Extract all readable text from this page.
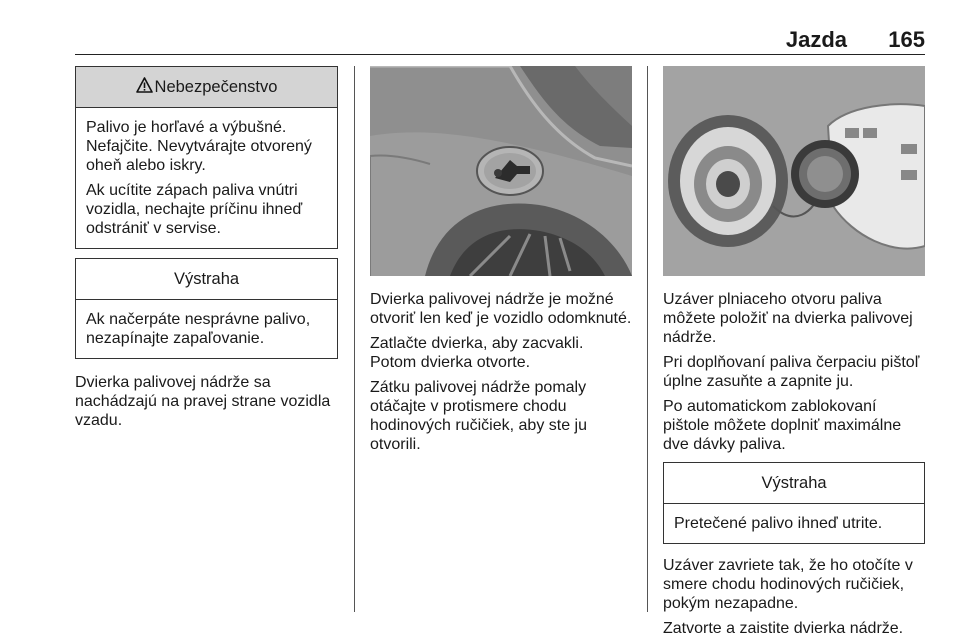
Jazda 165
Nebezpečenstvo

Palivo je horľavé a výbušné. Nefajčite. Nevytvárajte otvorený oheň alebo iskry.

Ak ucítite zápach paliva vnútri vozidla, nechajte príčinu ihneď odstrániť v servise.

Výstraha

Ak načerpáte nesprávne palivo, nezapínajte zapaľovanie.

Dvierka palivovej nádrže sa nachádzajú na pravej strane vozidla vzadu.

Dvierka palivovej nádrže je možné otvoriť len keď je vozidlo odomknuté.

Zatlačte dvierka, aby zacvakli. Potom dvierka otvorte.

Zátku palivovej nádrže pomaly otáčajte v protismere chodu hodinových ručičiek, aby ste ju otvorili.

Uzáver plniaceho otvoru paliva môžete položiť na dvierka palivovej nádrže.

Pri doplňovaní paliva čerpaciu pištoľ úplne zasuňte a zapnite ju.

Po automatickom zablokovaní pištole môžete doplniť maximálne dve dávky paliva.

Výstraha

Pretečené palivo ihneď utrite.

Uzáver zavriete tak, že ho otočíte v smere chodu hodinových ručičiek, pokým nezapadne.

Zatvorte a zaistite dvierka nádrže.
